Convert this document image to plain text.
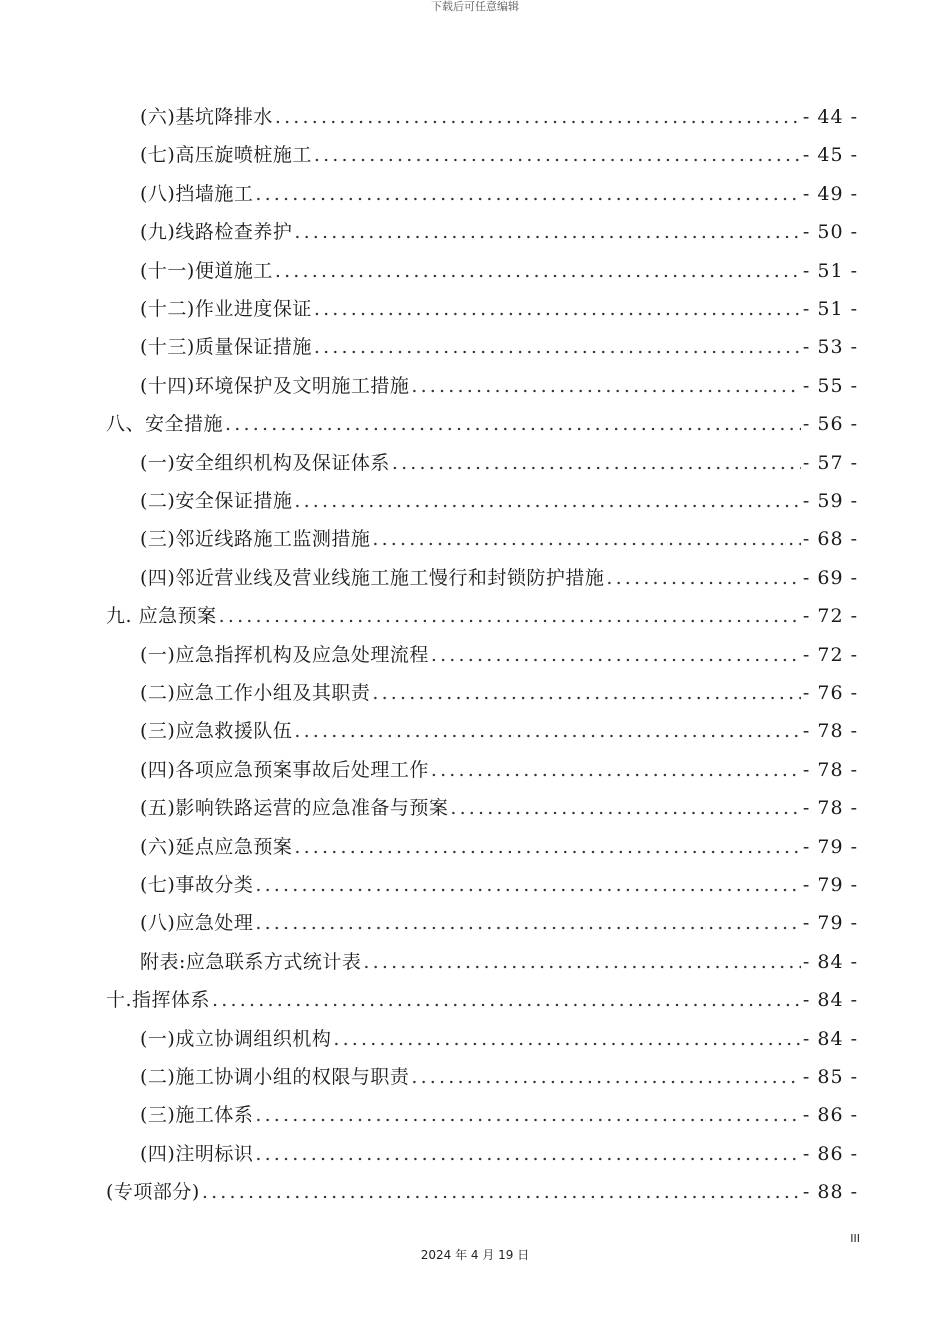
下载后可任意编辑
(六)基坑降排水 .....	- 44 -
(七)高压旋喷桩施工 .....	- 45 -
(八)挡墙施工 .....	- 49 -
(九)线路检查养护 .....	- 50 -
(十一)便道施工 .....	- 51 -
(十二)作业进度保证 .....	- 51 -
(十三)质量保证措施 .....	- 53 -
(十四)环境保护及文明施工措施 .....	- 55 -
八、安全措施 .....	- 56 -
(一)安全组织机构及保证体系 .....	- 57 -
(二)安全保证措施 .....	- 59 -
(三)邻近线路施工监测措施 .....	- 68 -
(四)邻近营业线及营业线施工施工慢行和封锁防护措施 .....	- 69 -
九. 应急预案 .....	- 72 -
(一)应急指挥机构及应急处理流程 .....	- 72 -
(二)应急工作小组及其职责 .....	- 76 -
(三)应急救援队伍 .....	- 78 -
(四)各项应急预案事故后处理工作 .....	- 78 -
(五)影响铁路运营的应急准备与预案 .....	- 78 -
(六)延点应急预案 .....	- 79 -
(七)事故分类 .....	- 79 -
(八)应急处理 .....	- 79 -
附表:应急联系方式统计表 .....	- 84 -
十.指挥体系 .....	- 84 -
(一)成立协调组织机构 .....	- 84 -
(二)施工协调小组的权限与职责 .....	- 85 -
(三)施工体系 .....	- 86 -
(四)注明标识 .....	- 86 -
(专项部分) .....	- 88 -
III
2024 年 4 月 19 日
